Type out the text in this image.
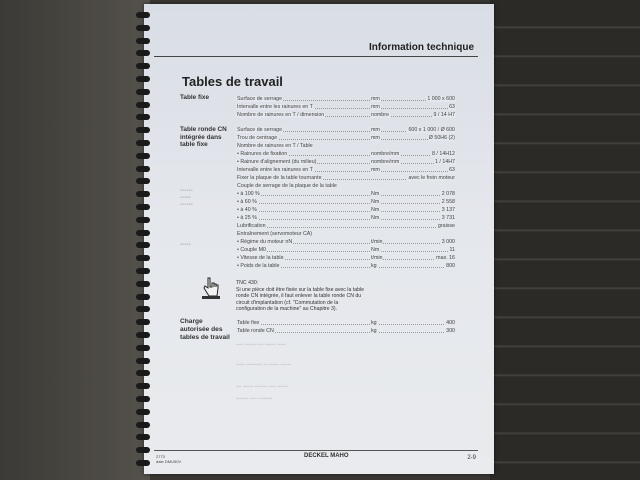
Information technique
Tables de travail
Table fixe
Table ronde CN
intégrée dans
table fixe
▪▪▪▪▪▪
▪▪▪▪▪
▪▪▪▪▪▪
▪▪▪▪▪
Surface de serrage	mm	1 000 x 600
Intervalle entre les rainures en T	mm	63
Nombre de rainures en T / dimension	nombre	9 / 14 H7
Surface de serrage	mm	600 x 1 000 / Ø 600
Trou de centrage	mm	Ø 50H6 (2)
Nombre de rainures en T / Table
• Rainures de fixation	nombre/mm	8 / 14H12
• Rainure d'alignement (du milieu)	nombre/mm	1 / 14H7
Intervalle entre les rainures en T	mm	63
Fixer la plaque de la table tournante	avec le frein moteur
Couple de serrage de la plaque de la table
• à 100 %	Nm	2 078
• à 60 %	Nm	2 558
• à 40 %	Nm	3 137
• à 25 %	Nm	3 731
Lubrification	graisse
Entraînement (servomoteur CA)
• Régime du moteur nN	t/min	3 000
• Couple M0	Nm	11
• Vitesse de la table	t/min	max. 16
• Poids de la table	kg	800
TNC 430:
Si une pièce doit être fixée sur la table fixe avec la table ronde CN intégrée, il faut enlever la table ronde CN du circuit d'implantation (cf. "Commutation de la configuration de la machine" au Chapitre 3).
Charge
autorisée des
tables de travail
Table fixe	kg	400
Table ronde CN	kg	300
▪▪▪▪ ▪▪▪▪▪▪▪ ▪▪▪ ▪▪▪▪▪▪ ▪▪▪▪▪
▪▪▪▪▪ ▪▪▪▪▪▪▪▪▪ ▪▪ ▪▪▪▪▪▪ ▪▪▪▪▪▪
▪▪▪ ▪▪▪▪▪▪ ▪▪▪▪▪▪▪ ▪▪▪▪ ▪▪▪▪▪▪
▪▪▪▪▪▪▪ ▪▪▪▪ ▪▪▪▪▪▪▪▪
2773
date DMU50V
DECKEL MAHO	2-9
